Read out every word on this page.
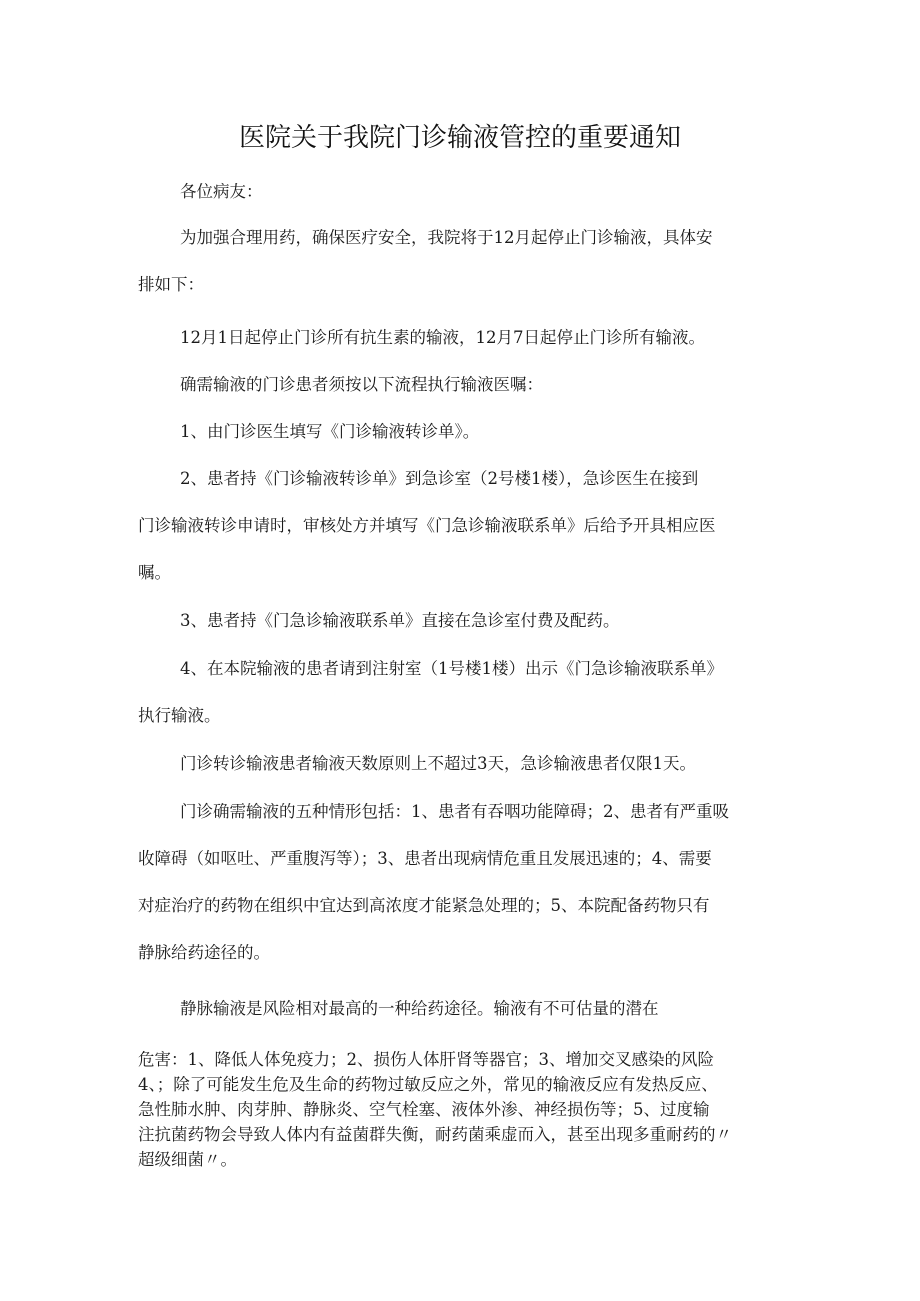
医院关于我院门诊输液管控的重要通知

各位病友：

为加强合理用药，确保医疗安全，我院将于12月起停止门诊输液，具体安

排如下：

12月1日起停止门诊所有抗生素的输液，12月7日起停止门诊所有输液。

确需输液的门诊患者须按以下流程执行输液医嘱：

1、由门诊医生填写《门诊输液转诊单》。

2、患者持《门诊输液转诊单》到急诊室（2号楼1楼），急诊医生在接到

门诊输液转诊申请时，审核处方并填写《门急诊输液联系单》后给予开具相应医

嘱。

3、患者持《门急诊输液联系单》直接在急诊室付费及配药。

4、在本院输液的患者请到注射室（1号楼1楼）出示《门急诊输液联系单》

执行输液。

门诊转诊输液患者输液天数原则上不超过3天，急诊输液患者仅限1天。

门诊确需输液的五种情形包括：1、患者有吞咽功能障碍；2、患者有严重吸

收障碍（如呕吐、严重腹泻等）；3、患者出现病情危重且发展迅速的；4、需要

对症治疗的药物在组织中宜达到高浓度才能紧急处理的；5、本院配备药物只有

静脉给药途径的。

静脉输液是风险相对最高的一种给药途径。输液有不可估量的潜在

危害：1、降低人体免疫力；2、损伤人体肝肾等器官；3、增加交叉感染的风险
4、；除了可能发生危及生命的药物过敏反应之外，常见的输液反应有发热反应、
急性肺水肿、肉芽肿、静脉炎、空气栓塞、液体外渗、神经损伤等；5、过度输
注抗菌药物会导致人体内有益菌群失衡，耐药菌乘虚而入，甚至出现多重耐药的〃
超级细菌〃。
